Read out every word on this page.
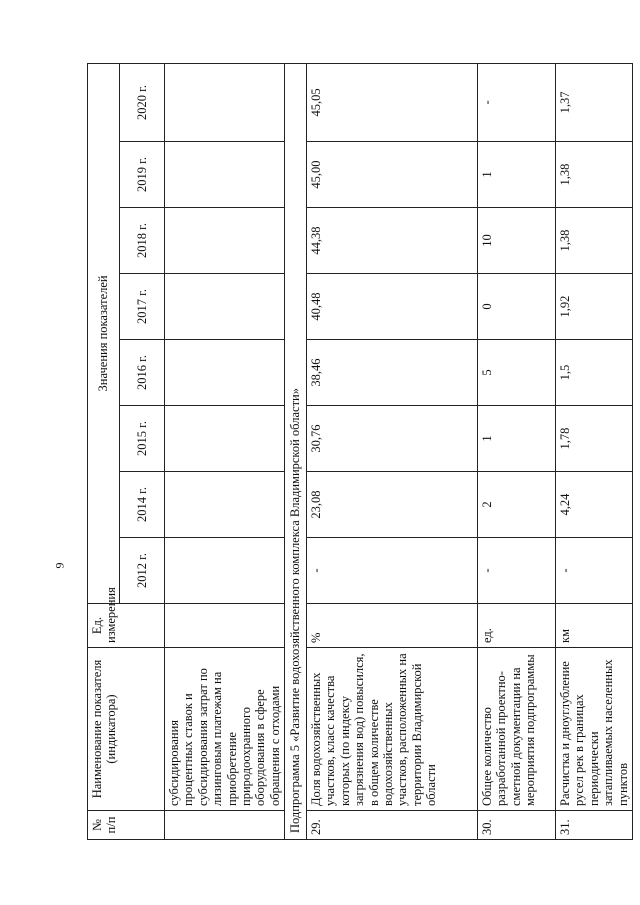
9
№ п/п	Наименование показателя (индикатора)	Ед. измерения	Значения показателей							
			2012 г.	2014 г.	2015 г.	2016 г.	2017 г.	2018 г.	2019 г.	2020 г.
	субсидирования процентных ставок и субсидирования затрат по лизинговым платежам на приобретение природоохранного оборудования в сфере обращения с отходами									
Подпрограмма 5 «Развитие водохозяйственного комплекса Владимирской области»										
29.	Доля водохозяйственных участков, класс качества которых (по индексу загрязнения вод) повысился, в общем количестве водохозяйственных участков, расположенных на территории Владимирской области	%	-	23,08	30,76	38,46	40,48	44,38	45,00	45,05
30.	Общее количество разработанной проектно-сметной документации на мероприятия подпрограммы	ед.	-	2	1	5	0	10	1	-
31.	Расчистка и дноуглубление русел рек в границах периодически затапливаемых населенных пунктов	км	-	4,24	1,78	1,5	1,92	1,38	1,38	1,37
